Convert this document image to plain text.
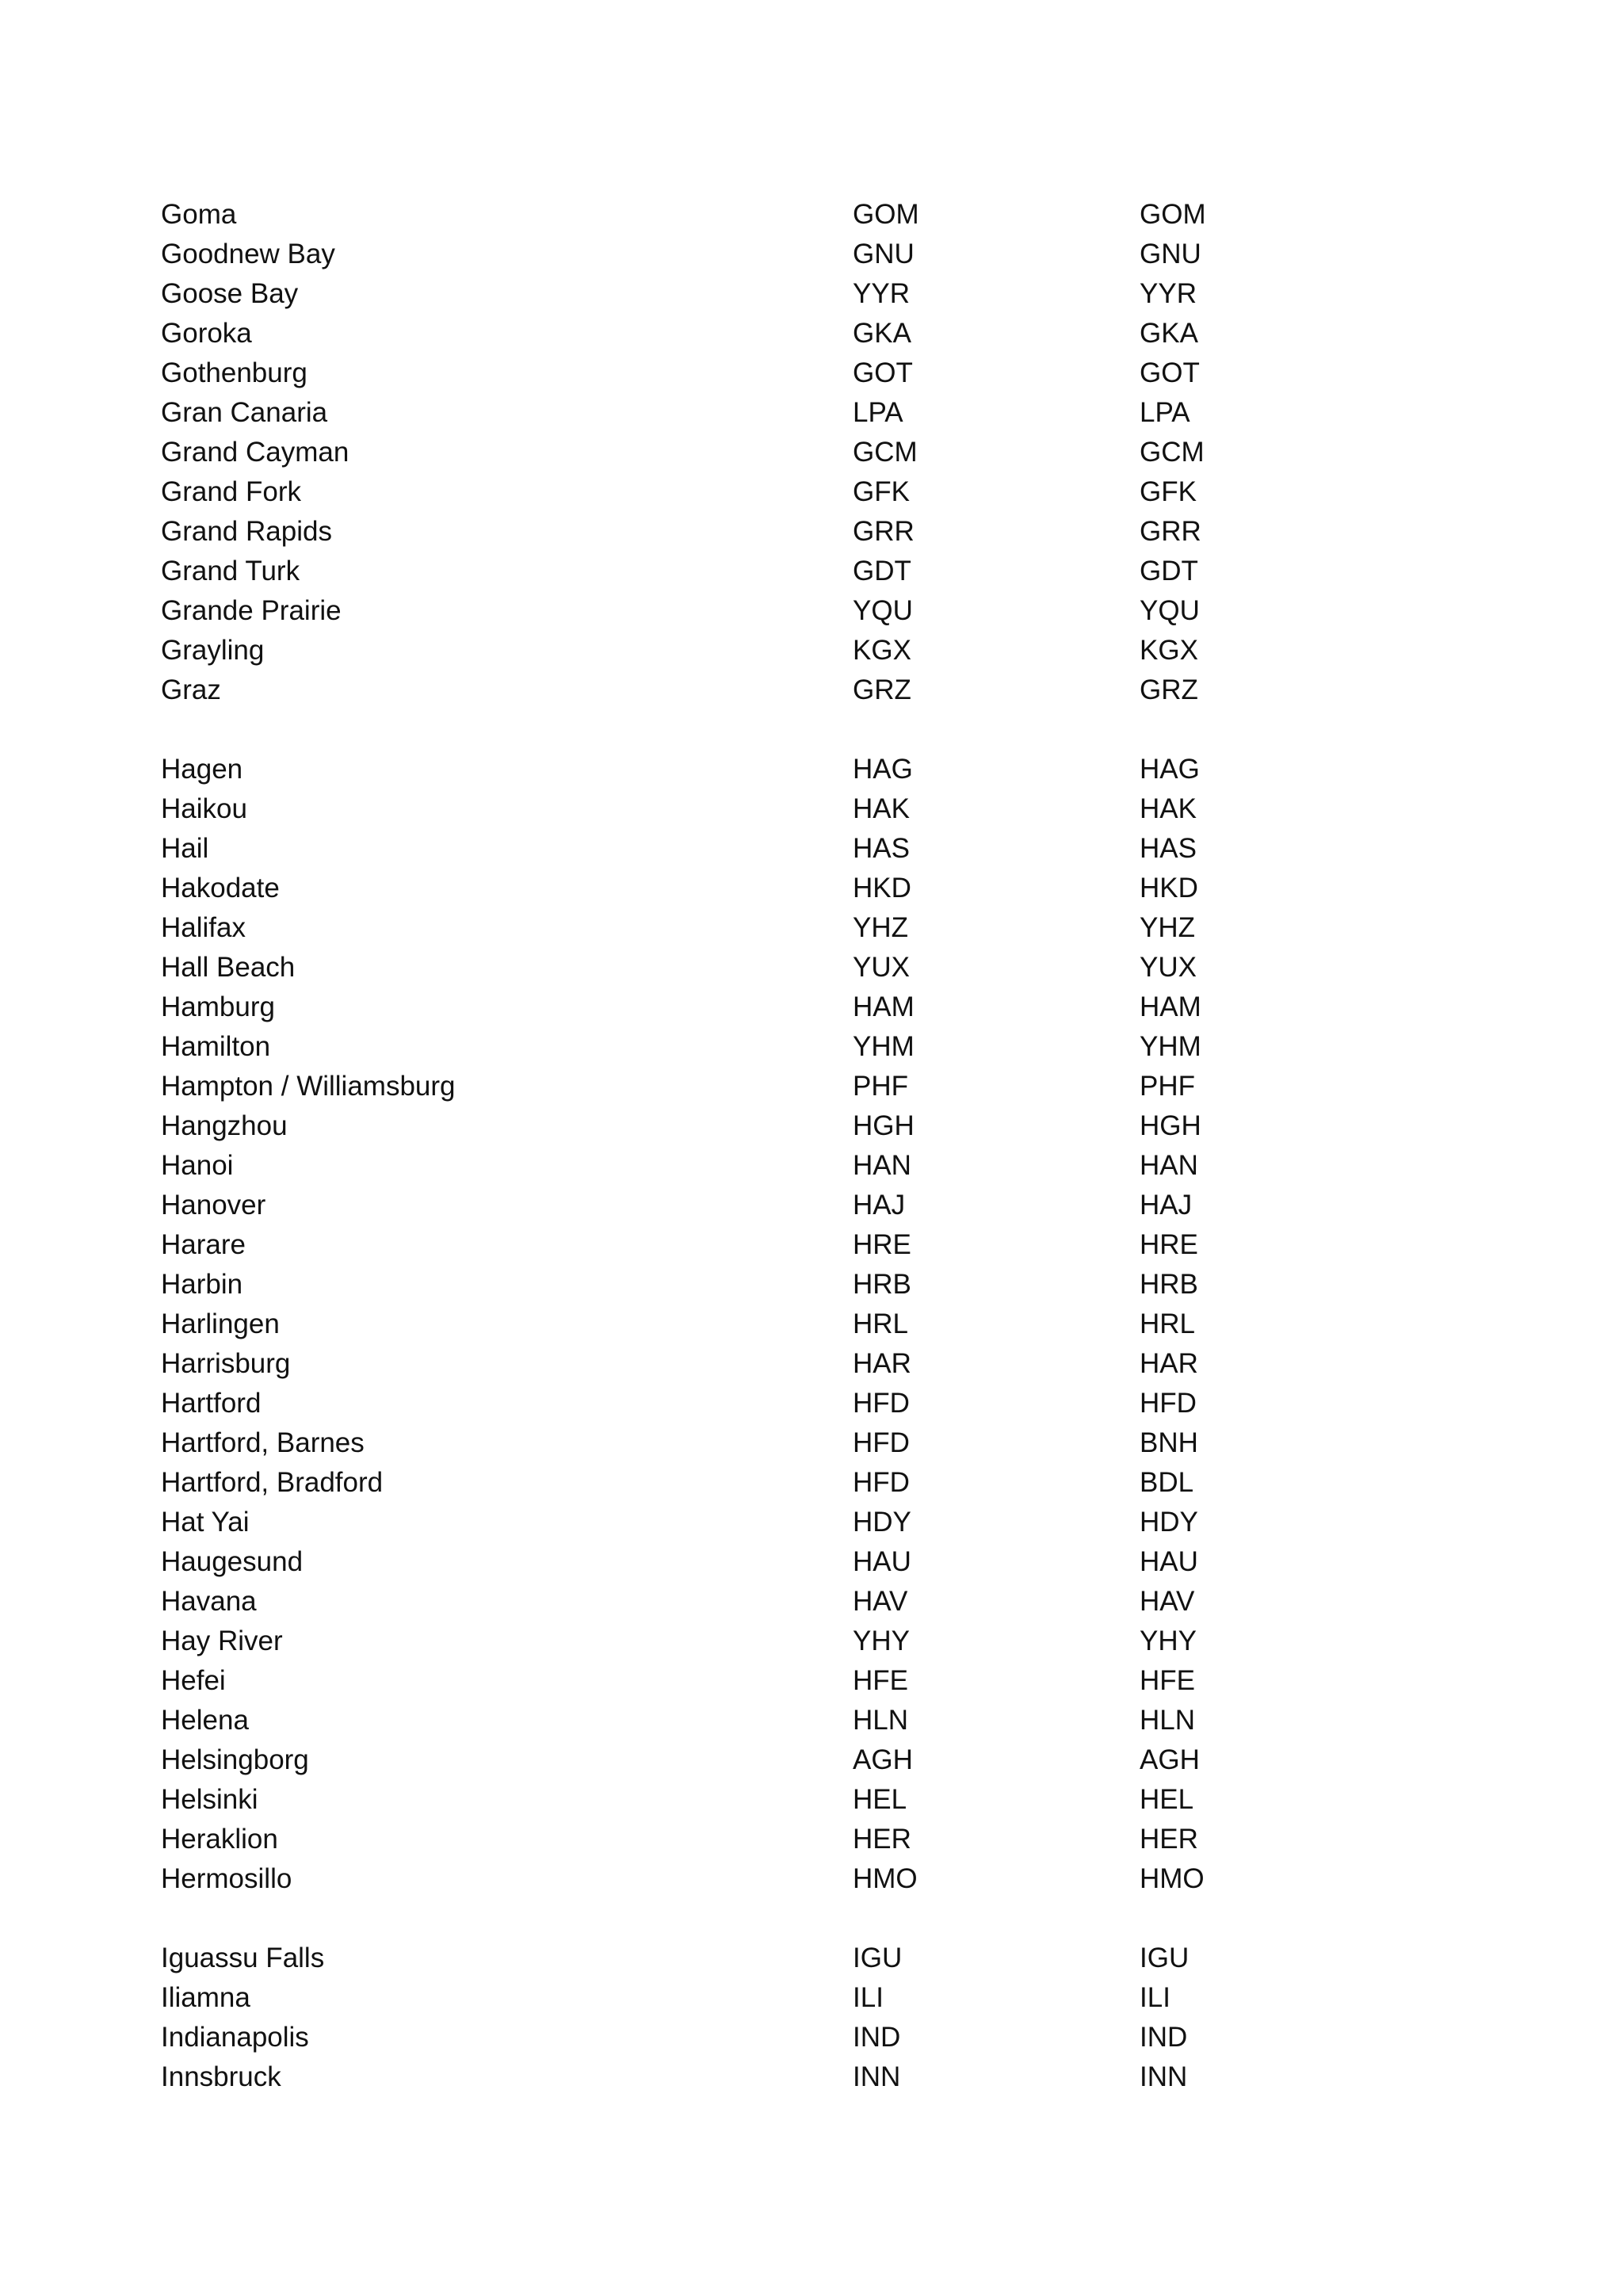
Goma	GOM	GOM
Goodnew Bay	GNU	GNU
Goose Bay	YYR	YYR
Goroka	GKA	GKA
Gothenburg	GOT	GOT
Gran Canaria	LPA	LPA
Grand Cayman	GCM	GCM
Grand Fork	GFK	GFK
Grand Rapids	GRR	GRR
Grand Turk	GDT	GDT
Grande Prairie	YQU	YQU
Grayling	KGX	KGX
Graz	GRZ	GRZ
Hagen	HAG	HAG
Haikou	HAK	HAK
Hail	HAS	HAS
Hakodate	HKD	HKD
Halifax	YHZ	YHZ
Hall Beach	YUX	YUX
Hamburg	HAM	HAM
Hamilton	YHM	YHM
Hampton / Williamsburg	PHF	PHF
Hangzhou	HGH	HGH
Hanoi	HAN	HAN
Hanover	HAJ	HAJ
Harare	HRE	HRE
Harbin	HRB	HRB
Harlingen	HRL	HRL
Harrisburg	HAR	HAR
Hartford	HFD	HFD
Hartford, Barnes	HFD	BNH
Hartford, Bradford	HFD	BDL
Hat Yai	HDY	HDY
Haugesund	HAU	HAU
Havana	HAV	HAV
Hay River	YHY	YHY
Hefei	HFE	HFE
Helena	HLN	HLN
Helsingborg	AGH	AGH
Helsinki	HEL	HEL
Heraklion	HER	HER
Hermosillo	HMO	HMO
Iguassu Falls	IGU	IGU
Iliamna	ILI	ILI
Indianapolis	IND	IND
Innsbruck	INN	INN
